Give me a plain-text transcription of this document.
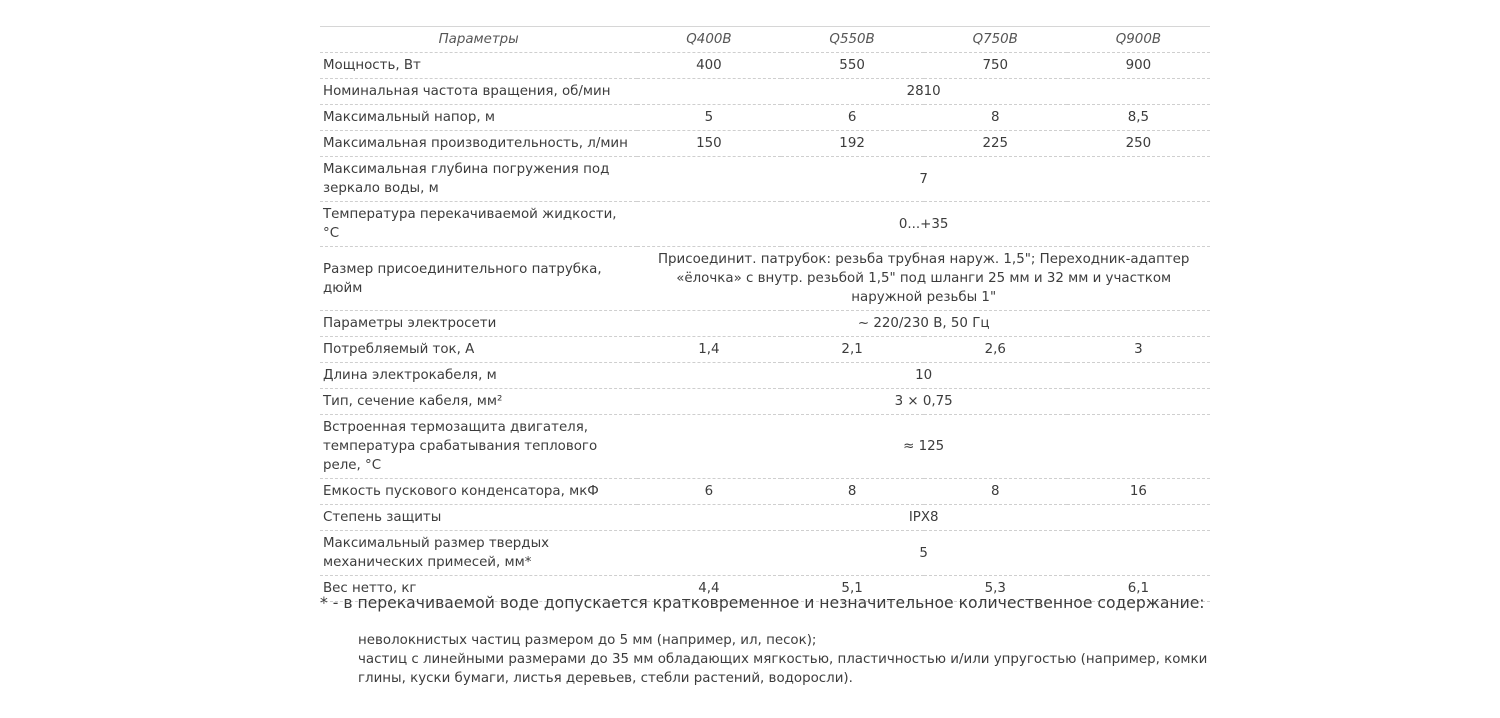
Параметры	Q400B	Q550B	Q750B	Q900B
Мощность, Вт	400	550	750	900
Номинальная частота вращения, об/мин	2810			
Максимальный напор, м	5	6	8	8,5
Максимальная производительность, л/мин	150	192	225	250
Максимальная глубина погружения под зеркало воды, м	7			
Температура перекачиваемой жидкости, °С	0...+35			
Размер присоединительного патрубка, дюйм	Присоединит. патрубок: резьба трубная наруж. 1,5"; Переходник-адаптер «ёлочка» с внутр. резьбой 1,5" под шланги 25 мм и 32 мм и участком наружной резьбы 1"			
Параметры электросети	~ 220/230 В, 50 Гц			
Потребляемый ток, А	1,4	2,1	2,6	3
Длина электрокабеля, м	10			
Тип, сечение кабеля, мм²	3 × 0,75			
Встроенная термозащита двигателя, температура срабатывания теплового реле, °С	≈ 125			
Емкость пускового конденсатора, мкФ	6	8	8	16
Степень защиты	IPX8			
Максимальный размер твердых механических примесей, мм*	5			
Вес нетто, кг	4,4	5,1	5,3	6,1
* - в перекачиваемой воде допускается кратковременное и незначительное количественное содержание:

неволокнистых частиц размером до 5 мм (например, ил, песок);

частиц с линейными размерами до 35 мм обладающих мягкостью, пластичностью и/или упругостью (например, комки глины, куски бумаги, листья деревьев, стебли растений, водоросли).
